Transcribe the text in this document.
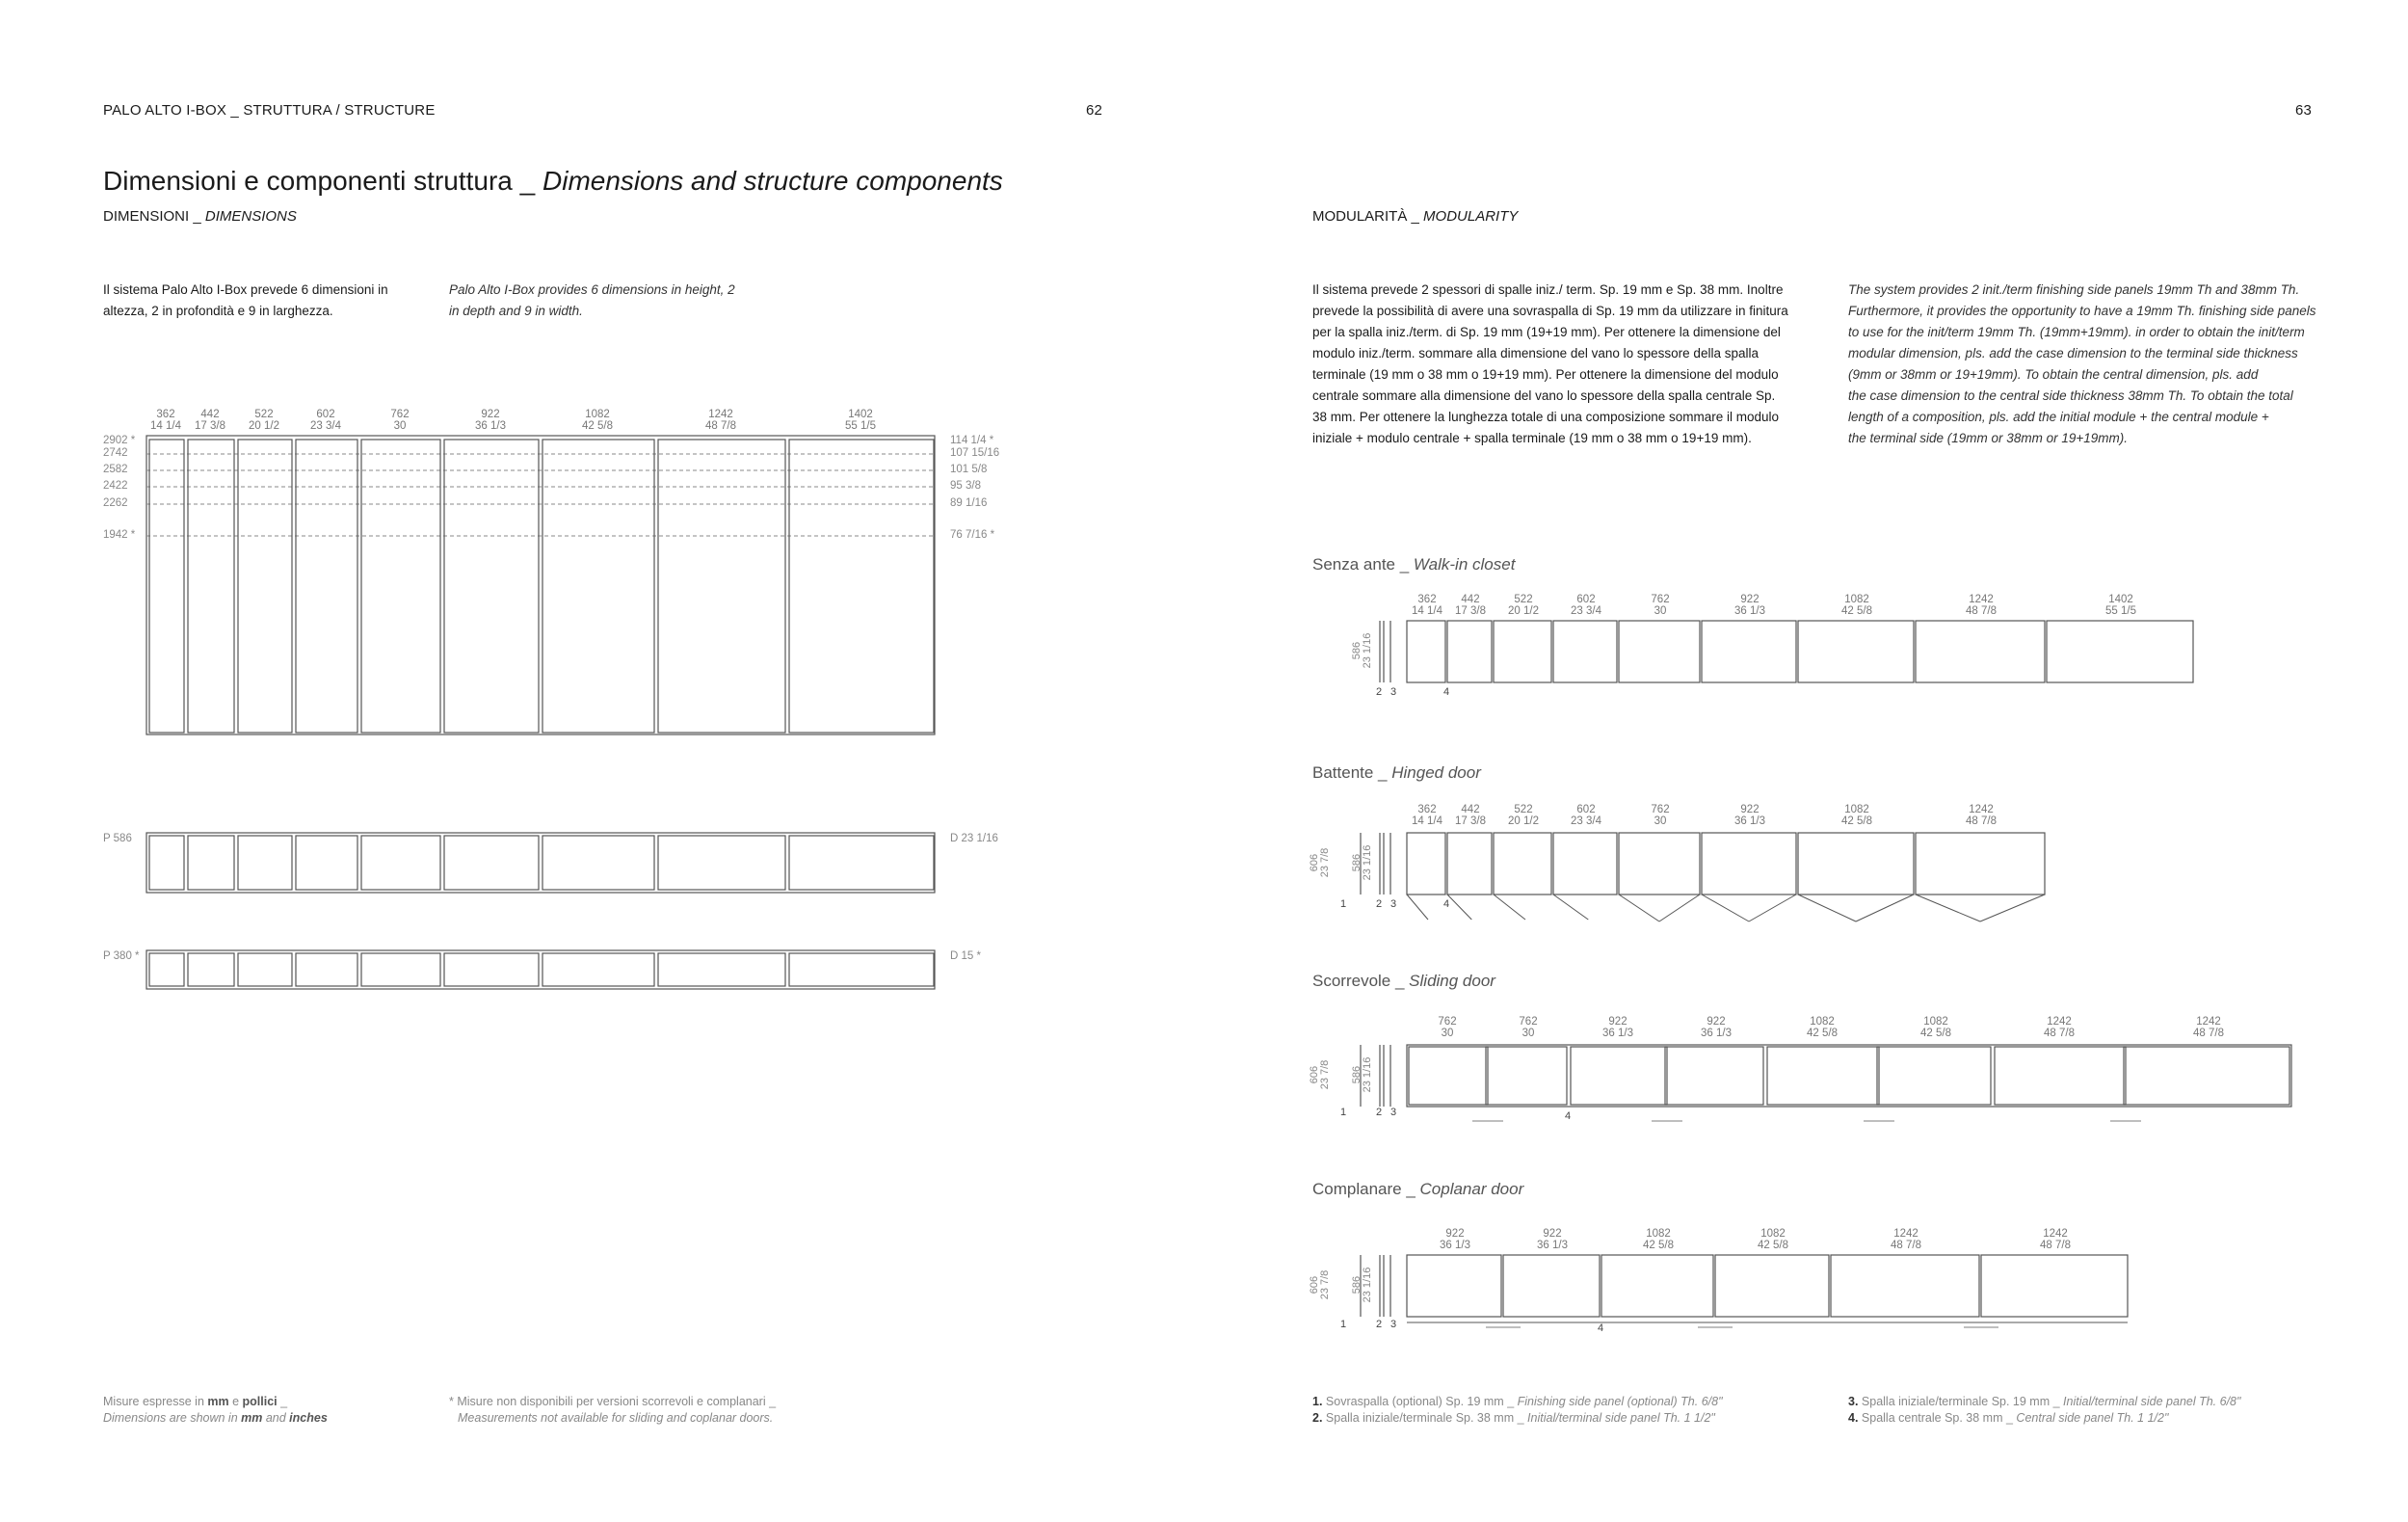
PALO ALTO I-BOX _ STRUTTURA / STRUCTURE	62	63
Dimensioni e componenti struttura _ Dimensions and structure components
DIMENSIONI _ DIMENSIONS
Il sistema Palo Alto I-Box prevede 6 dimensioni in
altezza, 2 in profondità e 9 in larghezza.
Palo Alto I-Box provides 6 dimensions in height, 2
in depth and 9 in width.
MODULARITÀ _ MODULARITY
Il sistema prevede 2 spessori di spalle iniz./ term. Sp. 19 mm e Sp. 38 mm. Inoltre
prevede la possibilità di avere una sovraspalla di Sp. 19 mm da utilizzare in finitura
per la spalla iniz./term. di Sp. 19 mm (19+19 mm). Per ottenere la dimensione del
modulo iniz./term. sommare alla dimensione del vano lo spessore della spalla
terminale (19 mm o 38 mm o 19+19 mm). Per ottenere la dimensione del modulo
centrale sommare alla dimensione del vano lo spessore della spalla centrale Sp.
38 mm. Per ottenere la lunghezza totale di una composizione sommare il modulo
iniziale + modulo centrale + spalla terminale (19 mm o 38 mm o 19+19 mm).
The system provides 2 init./term finishing side panels 19mm Th and 38mm Th.
Furthermore, it provides the opportunity to have a 19mm Th. finishing side panels
to use for the init/term 19mm Th. (19mm+19mm). in order to obtain the init/term
modular dimension, pls. add the case dimension to the terminal side thickness
(9mm or 38mm or 19+19mm). To obtain the central dimension, pls. add
the case dimension to the central side thickness 38mm Th. To obtain the total
length of a composition, pls. add the initial module + the central module +
the terminal side (19mm or 38mm or 19+19mm).
Senza ante _ Walk-in closet
Battente _ Hinged door
Scorrevole _ Sliding door
Complanare _ Coplanar door
362
14 1/4
442
17 3/8
522
20 1/2
602
23 3/4
762
30
922
36 1/3
1082
42 5/8
1242
48 7/8
1402
55 1/5
2902 *
2742
2582
2422
2262
1942 *
114 1/4 *
107 15/16
101 5/8
95 3/8
89 1/16
76 7/16 *
P 586	D 23 1/16
P 380 *	D 15 *
362
14 1/4
442
17 3/8
522
20 1/2
602
23 3/4
762
30
922
36 1/3
1082
42 5/8
1242
48 7/8
1402
55 1/5
586 23 1/16
2 3	4
362
14 1/4
442
17 3/8
522
20 1/2
602
23 3/4
762
30
922
36 1/3
1082
42 5/8
1242
48 7/8
606 23 7/8 586 23 1/16
1	2 3	4
762
30
762
30
922
36 1/3
922
36 1/3
1082
42 5/8
1082
42 5/8
1242
48 7/8
1242
48 7/8
606 23 7/8 586 23 1/16
1	2 3	4
922
36 1/3
922
36 1/3
1082
42 5/8
1082
42 5/8
1242
48 7/8
1242
48 7/8
606 23 7/8 586 23 1/16
1	2 3	4
Misure espresse in mm e pollici _
Dimensions are shown in mm and inches
* Misure non disponibili per versioni scorrevoli e complanari _
Measurements not available for sliding and coplanar doors.
1. Sovraspalla (optional) Sp. 19 mm _ Finishing side panel (optional) Th. 6/8"
2. Spalla iniziale/terminale Sp. 38 mm _ Initial/terminal side panel Th. 1 1/2"
3. Spalla iniziale/terminale Sp. 19 mm _ Initial/terminal side panel Th. 6/8"
4. Spalla centrale Sp. 38 mm _ Central side panel Th. 1 1/2"
